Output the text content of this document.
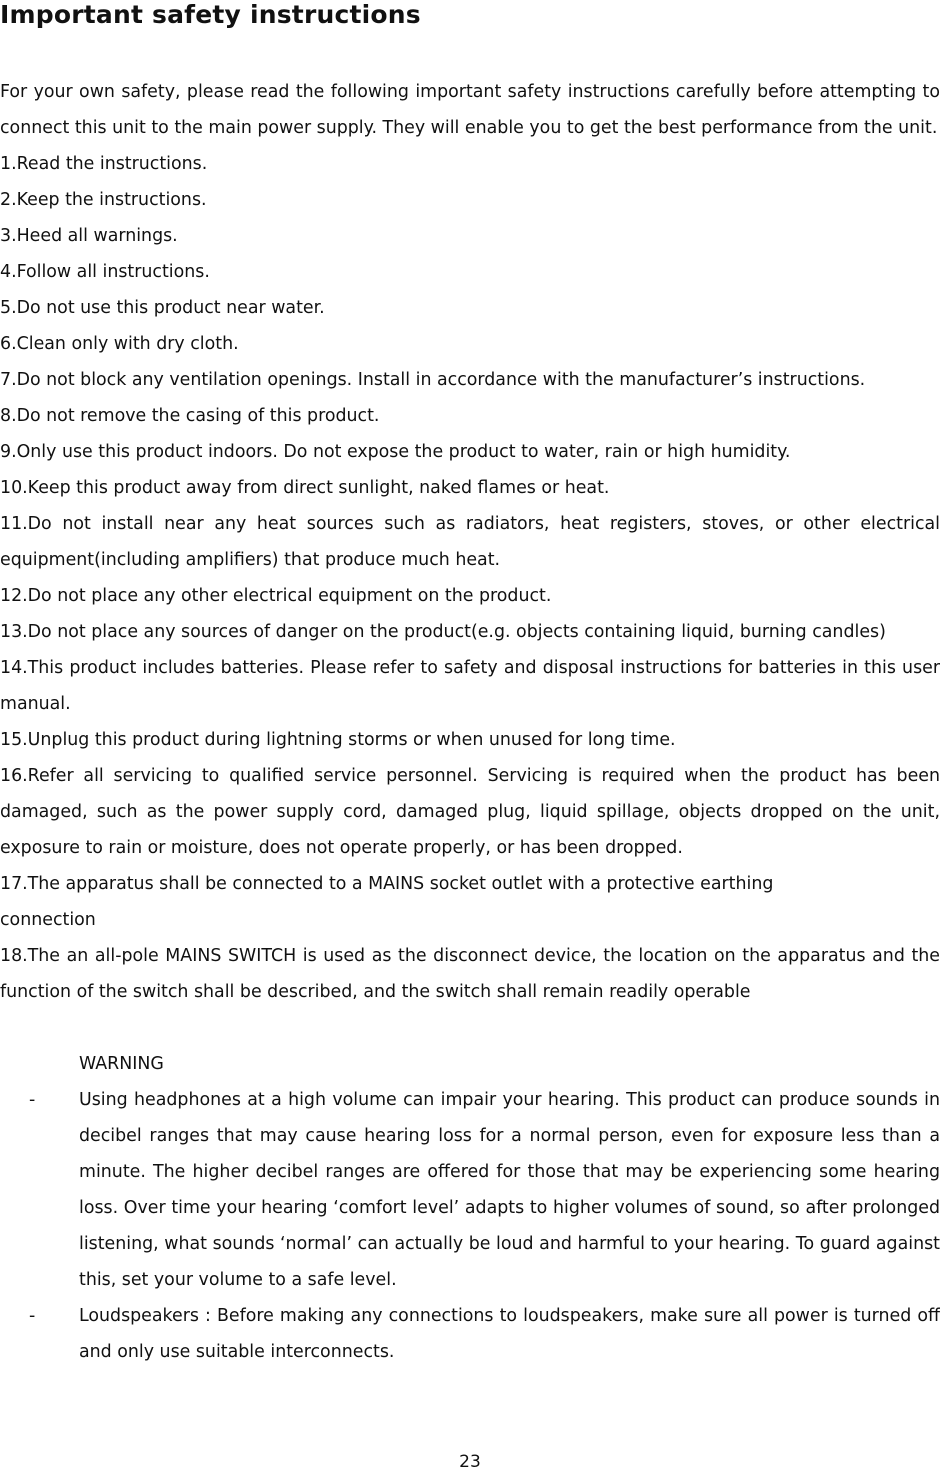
Important safety instructions

For your own safety, please read the following important safety instructions carefully before attempting to connect this unit to the main power supply. They will enable you to get the best performance from the unit.

1.Read the instructions.

2.Keep the instructions.

3.Heed all warnings.

4.Follow all instructions.

5.Do not use this product near water.

6.Clean only with dry cloth.

7.Do not block any ventilation openings. Install in accordance with the manufacturer’s instructions.

8.Do not remove the casing of this product.

9.Only use this product indoors. Do not expose the product to water, rain or high humidity.

10.Keep this product away from direct sunlight, naked flames or heat.

11.Do not install near any heat sources such as radiators, heat registers, stoves, or other electrical equipment(including amplifiers) that produce much heat.

12.Do not place any other electrical equipment on the product.

13.Do not place any sources of danger on the product(e.g. objects containing liquid, burning candles)

14.This product includes batteries. Please refer to safety and disposal instructions for batteries in this user manual.

15.Unplug this product during lightning storms or when unused for long time.

16.Refer all servicing to qualified service personnel. Servicing is required when the product has been damaged, such as the power supply cord, damaged plug, liquid spillage, objects dropped on the unit, exposure to rain or moisture, does not operate properly, or has been dropped.

17.The apparatus shall be connected to a MAINS socket outlet with a protective earthing

connection

18.The an all-pole MAINS SWITCH is used as the disconnect device, the location on the apparatus and the function of the switch shall be described, and the switch shall remain readily operable

WARNING

-	Using headphones at a high volume can impair your hearing. This product can produce sounds in decibel ranges that may cause hearing loss for a normal person, even for exposure less than a minute. The higher decibel ranges are offered for those that may be experiencing some hearing loss. Over time your hearing ‘comfort level’ adapts to higher volumes of sound, so after prolonged listening, what sounds ‘normal’ can actually be loud and harmful to your hearing. To guard against this, set your volume to a safe level.
-	Loudspeakers : Before making any connections to loudspeakers, make sure all power is turned off and only use suitable interconnects.
23
